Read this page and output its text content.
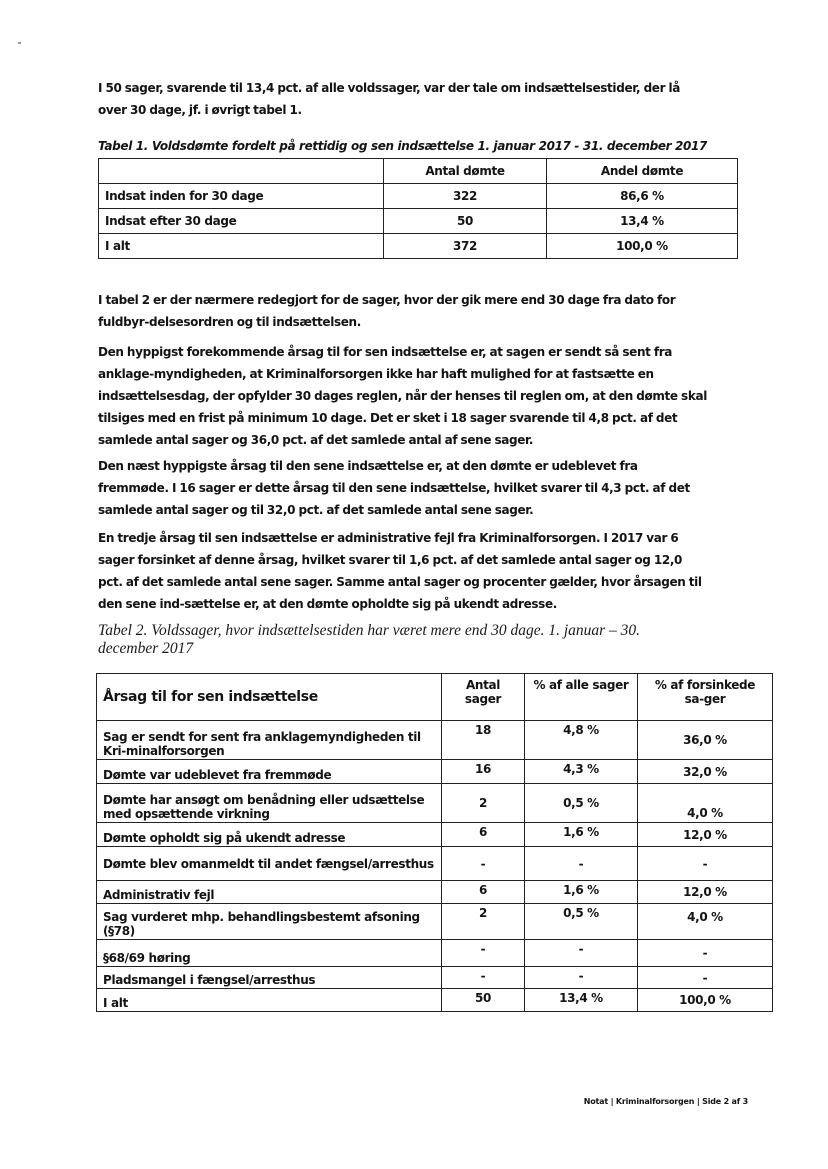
I 50 sager, svarende til 13,4 pct. af alle voldssager, var der tale om indsættelsestider, der lå over 30 dage, jf. i øvrigt tabel 1.
Tabel 1. Voldsdømte fordelt på rettidig og sen indsættelse 1. januar 2017 - 31. december 2017
	Antal dømte	Andel dømte
Indsat inden for 30 dage	322	86,6 %
Indsat efter 30 dage	50	13,4 %
I alt	372	100,0 %
I tabel 2 er der nærmere redegjort for de sager, hvor der gik mere end 30 dage fra dato for fuldbyr-delsesordren og til indsættelsen.
Den hyppigst forekommende årsag til for sen indsættelse er, at sagen er sendt så sent fra anklage-myndigheden, at Kriminalforsorgen ikke har haft mulighed for at fastsætte en indsættelsesdag, der opfylder 30 dages reglen, når der henses til reglen om, at den dømte skal tilsiges med en frist på minimum 10 dage. Det er sket i 18 sager svarende til 4,8 pct. af det samlede antal sager og 36,0 pct. af det samlede antal af sene sager.
Den næst hyppigste årsag til den sene indsættelse er, at den dømte er udeblevet fra fremmøde. I 16 sager er dette årsag til den sene indsættelse, hvilket svarer til 4,3 pct. af det samlede antal sager og til 32,0 pct. af det samlede antal sene sager.
En tredje årsag til sen indsættelse er administrative fejl fra Kriminalforsorgen. I 2017 var 6 sager forsinket af denne årsag, hvilket svarer til 1,6 pct. af det samlede antal sager og 12,0 pct. af det samlede antal sene sager. Samme antal sager og procenter gælder, hvor årsagen til den sene ind-sættelse er, at den dømte opholdte sig på ukendt adresse.
Tabel 2. Voldssager, hvor indsættelsestiden har været mere end 30 dage. 1. januar – 30. december 2017
Årsag til for sen indsættelse	Antal sager	% af alle sager	% af forsinkede sa-ger
Sag er sendt for sent fra anklagemyndigheden til Kri-minalforsorgen	18	4,8 %	36,0 %
Dømte var udeblevet fra fremmøde	16	4,3 %	32,0 %
Dømte har ansøgt om benådning eller udsættelse med opsættende virkning	2	0,5 %	4,0 %
Dømte opholdt sig på ukendt adresse	6	1,6 %	12,0 %
Dømte blev omanmeldt til andet fængsel/arresthus	-	-	-
Administrativ fejl	6	1,6 %	12,0 %
Sag vurderet mhp. behandlingsbestemt afsoning (§78)	2	0,5 %	4,0 %
§68/69 høring	-	-	-
Pladsmangel i fængsel/arresthus	-	-	-
I alt	50	13,4 %	100,0 %
Notat | Kriminalforsorgen | Side 2 af 3
